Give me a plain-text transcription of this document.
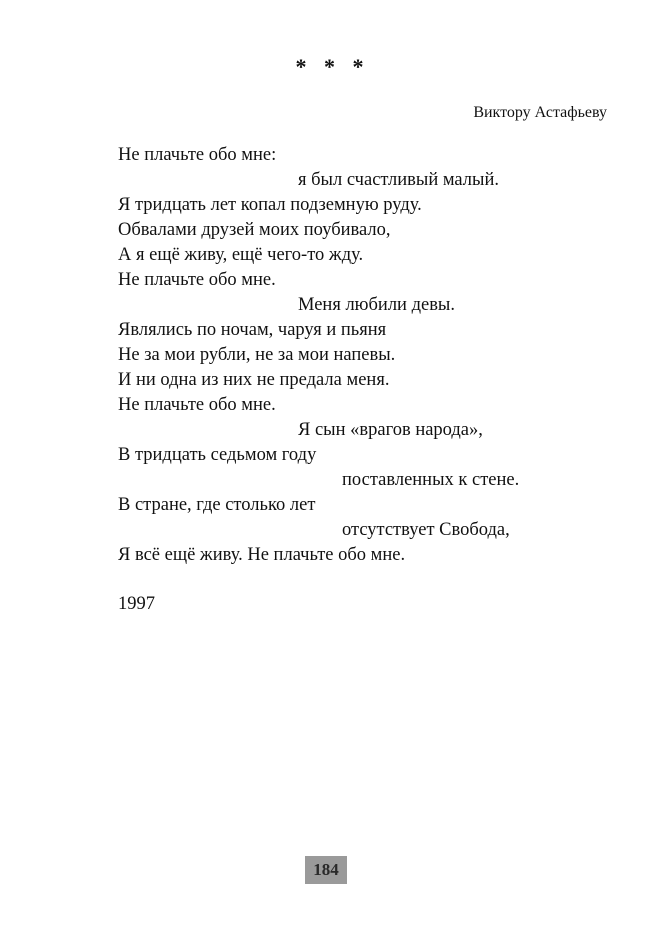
* * *
Виктору Астафьеву
Не плачьте обо мне:
я был счастливый малый.
Я тридцать лет копал подземную руду.
Обвалами друзей моих поубивало,
А я ещё живу, ещё чего-то жду.
Не плачьте обо мне.
Меня любили девы.
Являлись по ночам, чаруя и пьяня
Не за мои рубли, не за мои напевы.
И ни одна из них не предала меня.
Не плачьте обо мне.
Я сын «врагов народа»,
В тридцать седьмом году
поставленных к стене.
В стране, где столько лет
отсутствует Свобода,
Я всё ещё живу. Не плачьте обо мне.
1997
184
